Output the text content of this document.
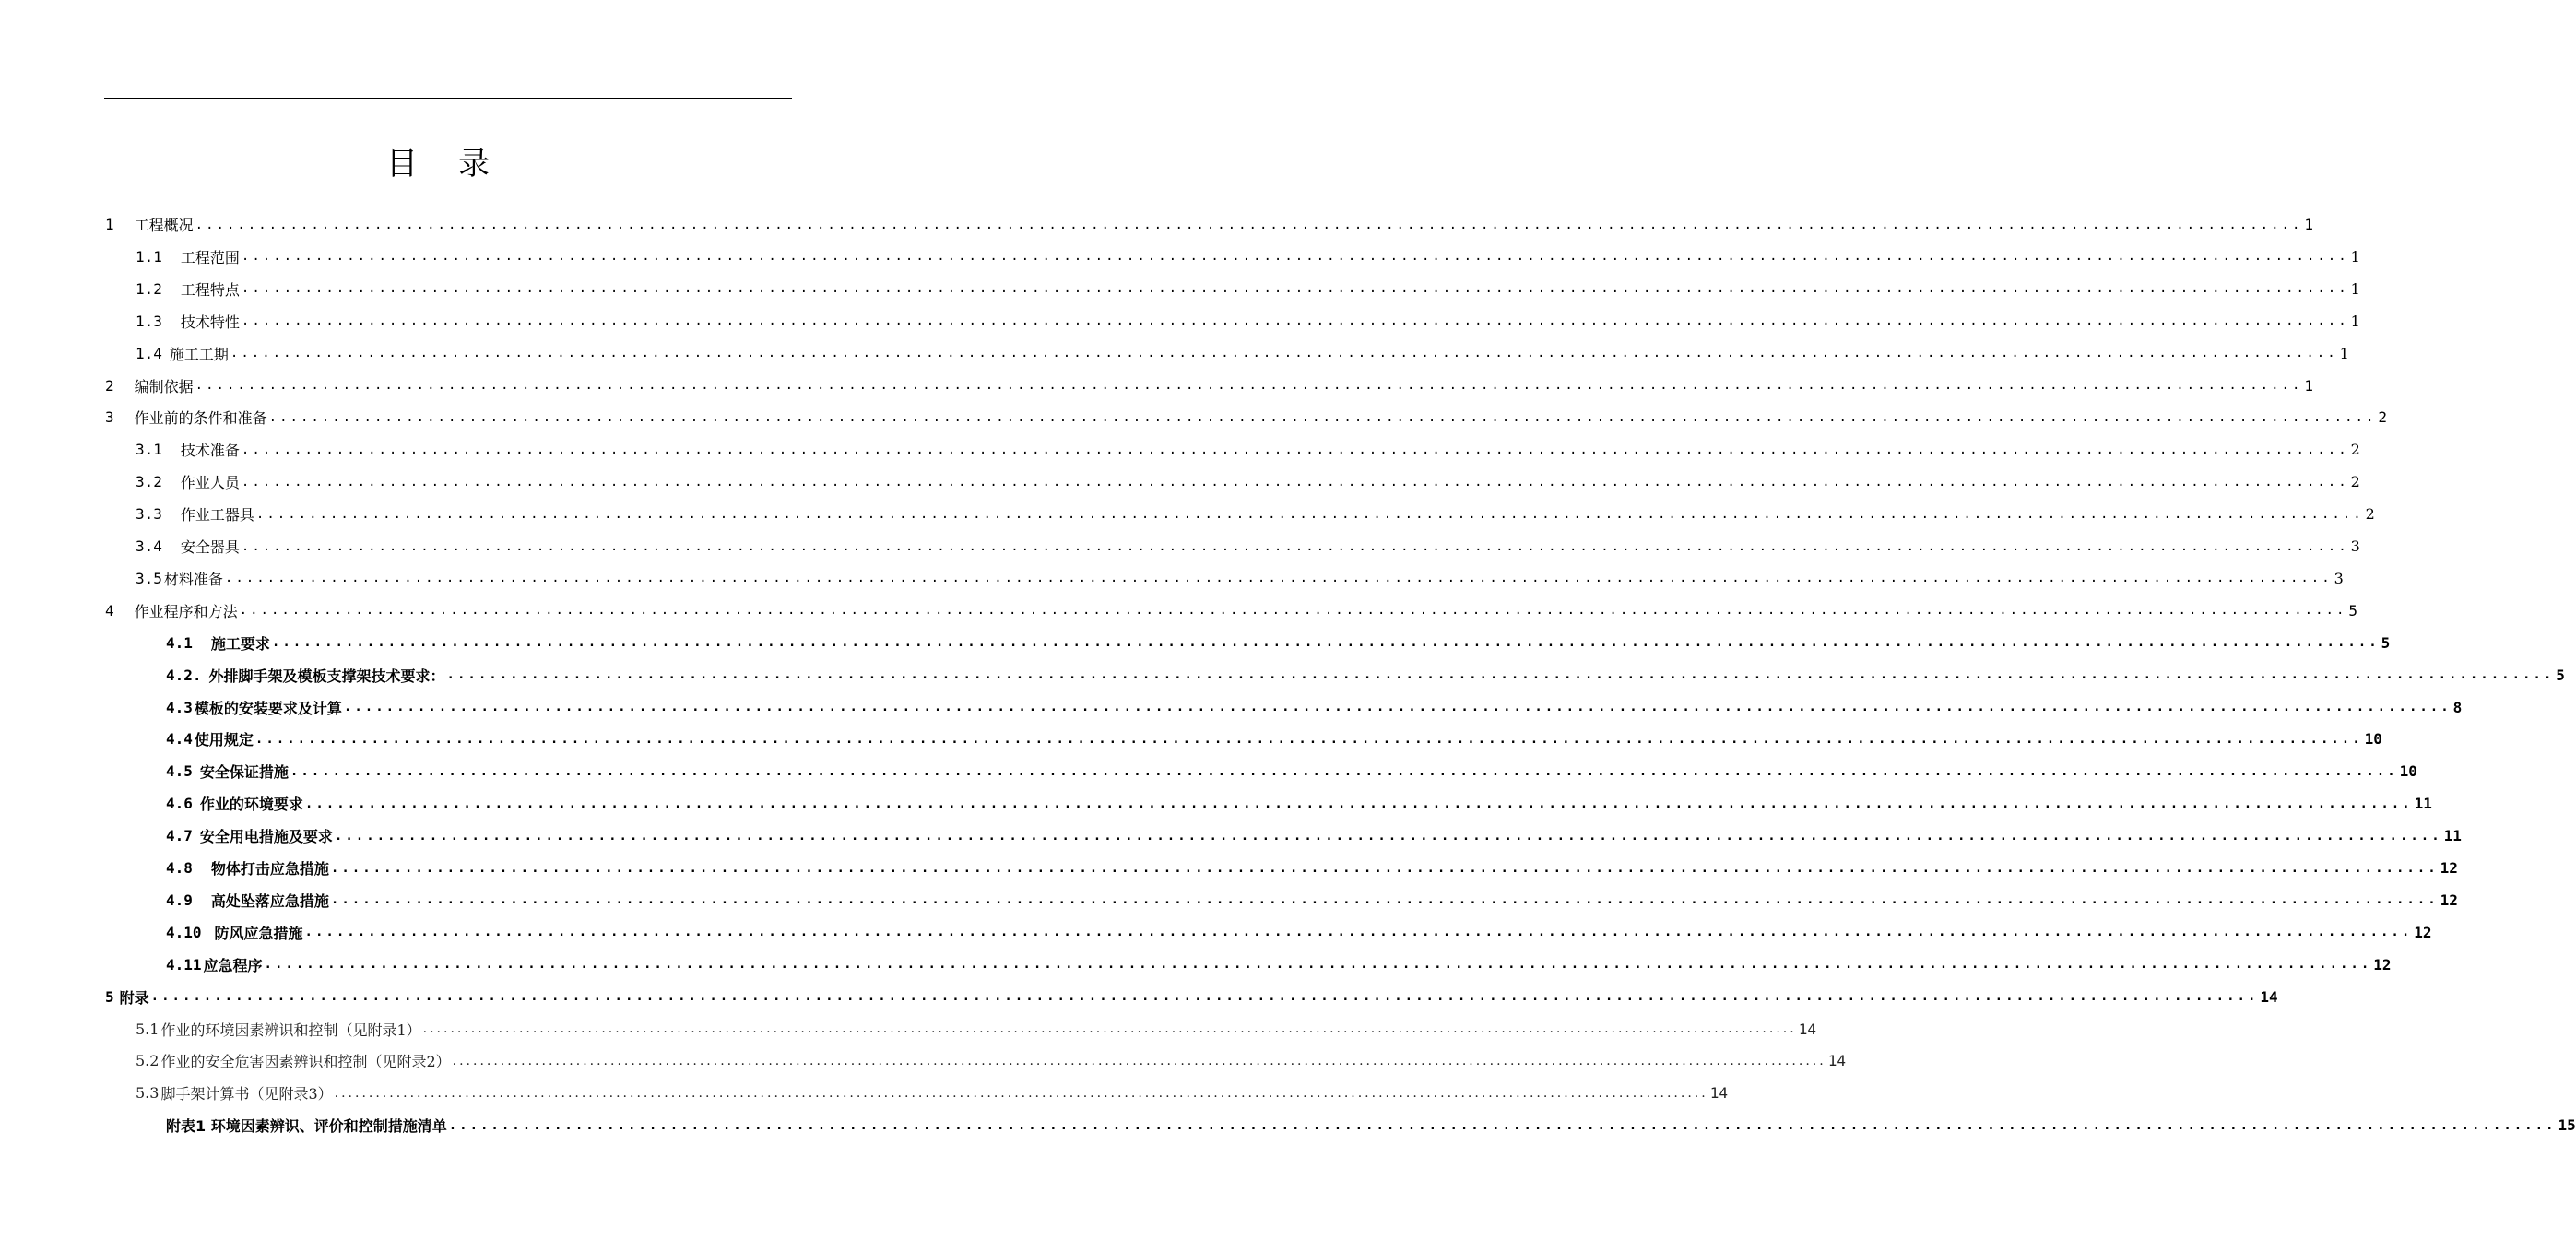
目 录
1 工程概况 ........................................................................................................................................................................................................ 1
1.1 工程范围 ........................................................................................................................................................................................................ 1
1.2 工程特点 ........................................................................................................................................................................................................ 1
1.3 技术特性 ........................................................................................................................................................................................................ 1
1.4 施工工期 ........................................................................................................................................................................................................ 1
2 编制依据 ........................................................................................................................................................................................................ 1
3 作业前的条件和准备 ........................................................................................................................................................................................................ 2
3.1 技术准备 ........................................................................................................................................................................................................ 2
3.2 作业人员 ........................................................................................................................................................................................................ 2
3.3 作业工器具 ........................................................................................................................................................................................................ 2
3.4 安全器具 ........................................................................................................................................................................................................ 3
3.5 材料准备 ........................................................................................................................................................................................................ 3
4 作业程序和方法 ........................................................................................................................................................................................................ 5
4.1 施工要求 ........................................................................................................................................................................................................ 5
4.2. 外排脚手架及模板支撑架技术要求： ........................................................................................................................................................................................................ 5
4.3 模板的安装要求及计算 ........................................................................................................................................................................................................ 8
4.4 使用规定 ........................................................................................................................................................................................................ 10
4.5 安全保证措施 ........................................................................................................................................................................................................ 10
4.6 作业的环境要求 ........................................................................................................................................................................................................ 11
4.7 安全用电措施及要求 ........................................................................................................................................................................................................ 11
4.8 物体打击应急措施 ........................................................................................................................................................................................................ 12
4.9 高处坠落应急措施 ........................................................................................................................................................................................................ 12
4.10 防风应急措施 ........................................................................................................................................................................................................ 12
4.11 应急程序 ........................................................................................................................................................................................................ 12
5 附录 ........................................................................................................................................................................................................ 14
5.1 作业的环境因素辨识和控制（见附录1） ........................................................................................................................................................................................................ 14
5.2 作业的安全危害因素辨识和控制（见附录2） ........................................................................................................................................................................................................ 14
5.3 脚手架计算书（见附录3） ........................................................................................................................................................................................................ 14
附表1 环境因素辨识、评价和控制措施清单 ........................................................................................................................................................................................................ 15
